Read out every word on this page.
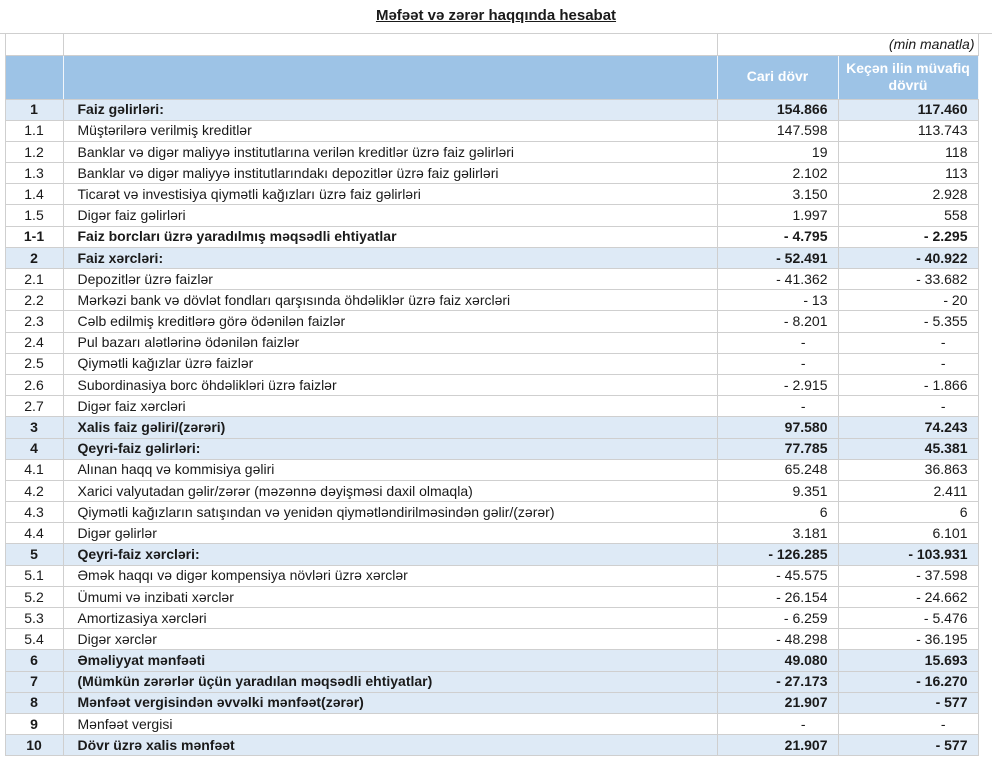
Məfəət və zərər haqqında hesabat					
			(min manatla)		
			Cari dövr	Keçən ilin müvafiq dövrü	
	1	Faiz gəlirləri:	154.866	117.460	
	1.1	Müştərilərə verilmiş kreditlər	147.598	113.743	
	1.2	Banklar və digər maliyyə institutlarına verilən kreditlər üzrə faiz gəlirləri	19	118	
	1.3	Banklar və digər maliyyə institutlarındakı depozitlər üzrə faiz gəlirləri	2.102	113	
	1.4	Ticarət və investisiya qiymətli kağızları üzrə faiz gəlirləri	3.150	2.928	
	1.5	Digər faiz gəlirləri	1.997	558	
	1-1	Faiz borcları üzrə yaradılmış məqsədli ehtiyatlar	- 4.795	- 2.295	
	2	Faiz xərcləri:	- 52.491	- 40.922	
	2.1	Depozitlər üzrə faizlər	- 41.362	- 33.682	
	2.2	Mərkəzi bank və dövlət fondları qarşısında öhdəliklər üzrə faiz xərcləri	- 13	- 20	
	2.3	Cəlb edilmiş kreditlərə görə ödənilən faizlər	- 8.201	- 5.355	
	2.4	Pul bazarı alətlərinə ödənilən faizlər	-	-	
	2.5	Qiymətli kağızlar üzrə faizlər	-	-	
	2.6	Subordinasiya borc öhdəlikləri üzrə faizlər	- 2.915	- 1.866	
	2.7	Digər faiz xərcləri	-	-	
	3	Xalis faiz gəliri/(zərəri)	97.580	74.243	
	4	Qeyri-faiz gəlirləri:	77.785	45.381	
	4.1	Alınan haqq və kommisiya gəliri	65.248	36.863	
	4.2	Xarici valyutadan gəlir/zərər (məzənnə dəyişməsi daxil olmaqla)	9.351	2.411	
	4.3	Qiymətli kağızların satışından və yenidən qiymətləndirilməsindən gəlir/(zərər)	6	6	
	4.4	Digər gəlirlər	3.181	6.101	
	5	Qeyri-faiz xərcləri:	- 126.285	- 103.931	
	5.1	Əmək haqqı və digər kompensiya növləri üzrə xərclər	- 45.575	- 37.598	
	5.2	Ümumi və inzibati xərclər	- 26.154	- 24.662	
	5.3	Amortizasiya xərcləri	- 6.259	- 5.476	
	5.4	Digər xərclər	- 48.298	- 36.195	
	6	Əməliyyat mənfəəti	49.080	15.693	
	7	(Mümkün zərərlər üçün yaradılan məqsədli ehtiyatlar)	- 27.173	- 16.270	
	8	Mənfəət vergisindən əvvəlki mənfəət(zərər)	21.907	- 577	
	9	Mənfəət vergisi	-	-	
	10	Dövr üzrə xalis mənfəət	21.907	- 577	
